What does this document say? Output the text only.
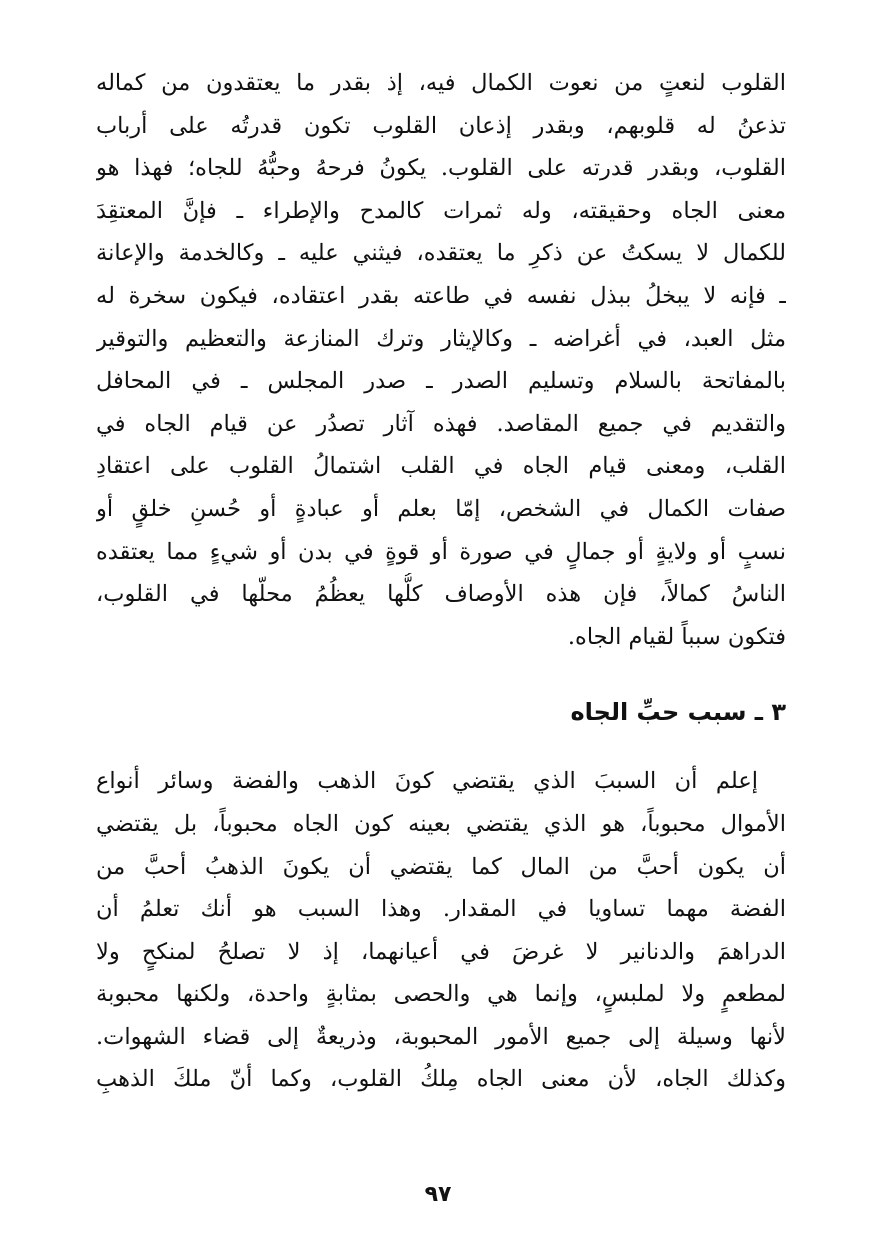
القلوب لنعتٍ من نعوت الكمال فيه، إذ بقدر ما يعتقدون من كماله
تذعنُ له قلوبهم، وبقدر إذعان القلوب تكون قدرتُه على أرباب
القلوب، وبقدر قدرته على القلوب. يكونُ فرحهُ وحبُّهُ للجاه؛ فهذا هو
معنى الجاه وحقيقته، وله ثمرات كالمدح والإطراء ـ فإنَّ المعتقِدَ
للكمال لا يسكتُ عن ذكرِ ما يعتقده، فيثني عليه ـ وكالخدمة والإعانة
ـ فإنه لا يبخلُ ببذل نفسه في طاعته بقدر اعتقاده، فيكون سخرة له
مثل العبد، في أغراضه ـ وكالإيثار وترك المنازعة والتعظيم والتوقير
بالمفاتحة بالسلام وتسليم الصدر ـ صدر المجلس ـ في المحافل
والتقديم في جميع المقاصد. فهذه آثار تصدُر عن قيام الجاه في
القلب، ومعنى قيام الجاه في القلب اشتمالُ القلوب على اعتقادِ
صفات الكمال في الشخص، إمّا بعلم أو عبادةٍ أو حُسنِ خلقٍ أو
نسبٍ أو ولايةٍ أو جمالٍ في صورة أو قوةٍ في بدن أو شيءٍ مما يعتقده
الناسُ كمالاً، فإن هذه الأوصاف كلُّها يعظُمُ محلّها في القلوب،
فتكون سبباً لقيام الجاه.
٣ ـ سبب حبِّ الجاه
إعلم أن السببَ الذي يقتضي كونَ الذهب والفضة وسائر أنواع
الأموال محبوباً، هو الذي يقتضي بعينه كون الجاه محبوباً، بل يقتضي
أن يكون أحبَّ من المال كما يقتضي أن يكونَ الذهبُ أحبَّ من
الفضة مهما تساويا في المقدار. وهذا السبب هو أنك تعلمُ أن
الدراهمَ والدنانير لا غرضَ في أعيانهما، إذ لا تصلحُ لمنكحٍ ولا
لمطعمٍ ولا لملبسٍ، وإنما هي والحصى بمثابةٍ واحدة، ولكنها محبوبة
لأنها وسيلة إلى جميع الأمور المحبوبة، وذريعةٌ إلى قضاء الشهوات.
وكذلك الجاه، لأن معنى الجاه مِلكُ القلوب، وكما أنّ ملكَ الذهبِ
٩٧
